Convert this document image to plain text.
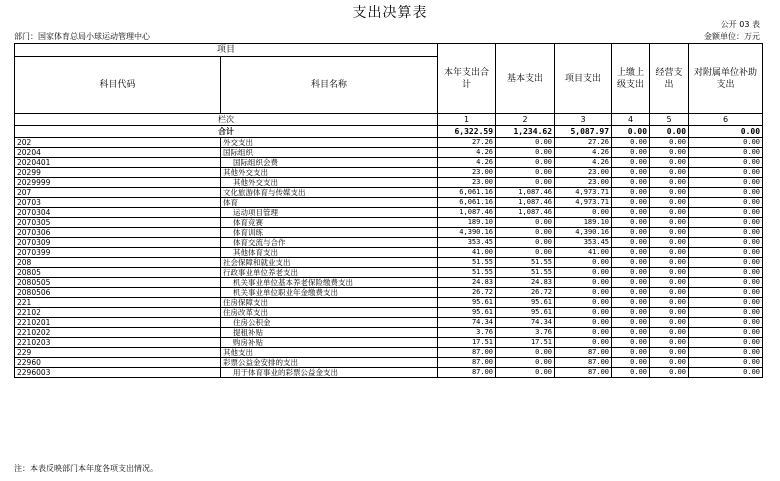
支出决算表
公开 03 表
部门：国家体育总局小球运动管理中心	金额单位：万元
项目		本年支出合计	基本支出	项目支出	上缴上级支出	经营支出	对附属单位补助支出
科目代码	科目名称						
栏次		1	2	3	4	5	6
合计		6,322.59	1,234.62	5,087.97	0.00	0.00	0.00
202	外交支出	27.26	0.00	27.26	0.00	0.00	0.00
20204	国际组织	4.26	0.00	4.26	0.00	0.00	0.00
2020401	国际组织会费	4.26	0.00	4.26	0.00	0.00	0.00
20299	其他外交支出	23.00	0.00	23.00	0.00	0.00	0.00
2029999	其他外交支出	23.00	0.00	23.00	0.00	0.00	0.00
207	文化旅游体育与传媒支出	6,061.16	1,087.46	4,973.71	0.00	0.00	0.00
20703	体育	6,061.16	1,087.46	4,973.71	0.00	0.00	0.00
2070304	运动项目管理	1,087.46	1,087.46	0.00	0.00	0.00	0.00
2070305	体育竞赛	189.10	0.00	189.10	0.00	0.00	0.00
2070306	体育训练	4,390.16	0.00	4,390.16	0.00	0.00	0.00
2070309	体育交流与合作	353.45	0.00	353.45	0.00	0.00	0.00
2070399	其他体育支出	41.00	0.00	41.00	0.00	0.00	0.00
208	社会保障和就业支出	51.55	51.55	0.00	0.00	0.00	0.00
20805	行政事业单位养老支出	51.55	51.55	0.00	0.00	0.00	0.00
2080505	机关事业单位基本养老保险缴费支出	24.83	24.83	0.00	0.00	0.00	0.00
2080506	机关事业单位职业年金缴费支出	26.72	26.72	0.00	0.00	0.00	0.00
221	住房保障支出	95.61	95.61	0.00	0.00	0.00	0.00
22102	住房改革支出	95.61	95.61	0.00	0.00	0.00	0.00
2210201	住房公积金	74.34	74.34	0.00	0.00	0.00	0.00
2210202	提租补贴	3.76	3.76	0.00	0.00	0.00	0.00
2210203	购房补贴	17.51	17.51	0.00	0.00	0.00	0.00
229	其他支出	87.00	0.00	87.00	0.00	0.00	0.00
22960	彩票公益金安排的支出	87.00	0.00	87.00	0.00	0.00	0.00
2296003	用于体育事业的彩票公益金支出	87.00	0.00	87.00	0.00	0.00	0.00
注：本表反映部门本年度各项支出情况。
